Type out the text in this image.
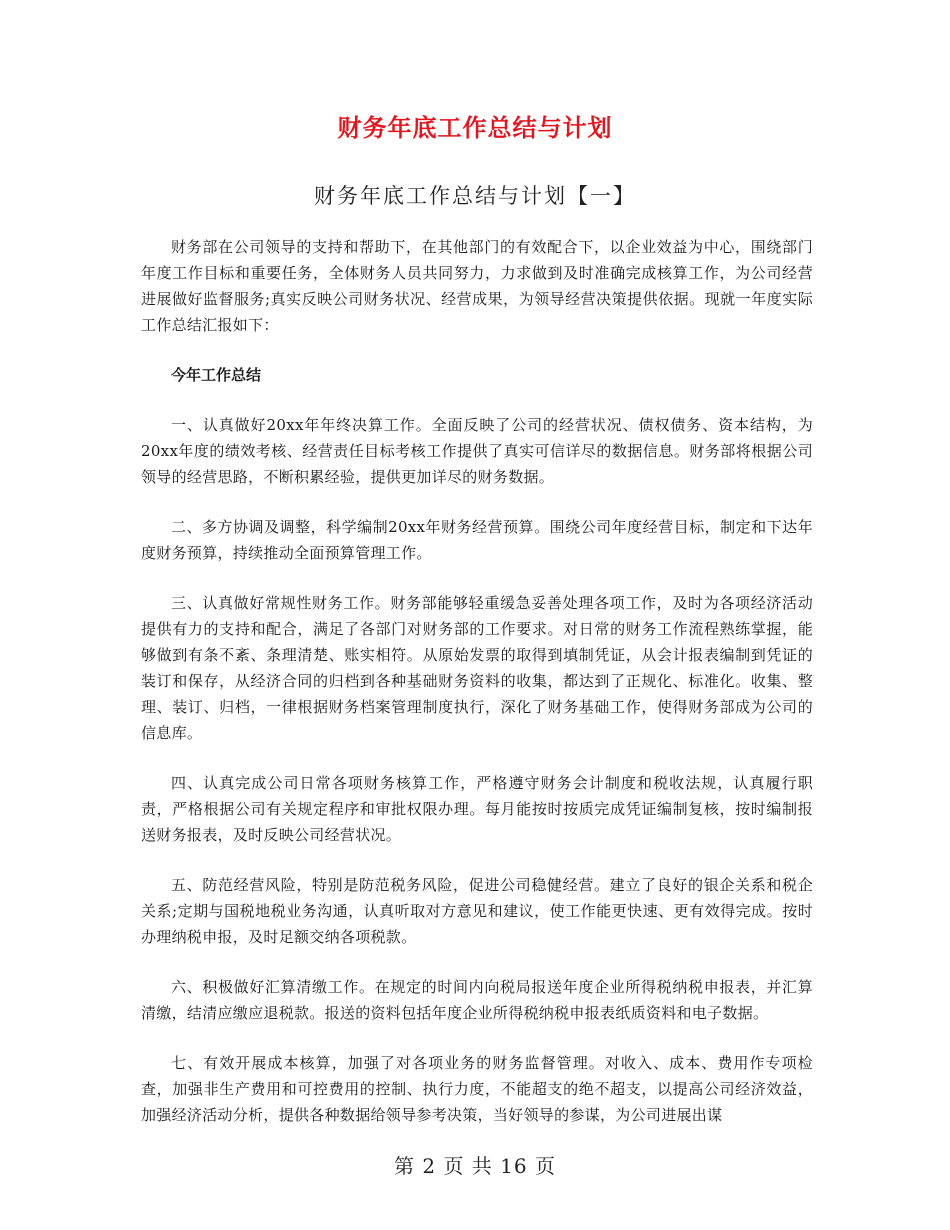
财务年底工作总结与计划
财务年底工作总结与计划【一】

财务部在公司领导的支持和帮助下，在其他部门的有效配合下，以企业效益为中心，围绕部门年度工作目标和重要任务，全体财务人员共同努力，力求做到及时准确完成核算工作，为公司经营进展做好监督服务;真实反映公司财务状况、经营成果，为领导经营决策提供依据。现就一年度实际工作总结汇报如下：

今年工作总结

一、认真做好20xx年年终决算工作。全面反映了公司的经营状况、债权债务、资本结构，为20xx年度的绩效考核、经营责任目标考核工作提供了真实可信详尽的数据信息。财务部将根据公司领导的经营思路，不断积累经验，提供更加详尽的财务数据。

二、多方协调及调整，科学编制20xx年财务经营预算。围绕公司年度经营目标，制定和下达年度财务预算，持续推动全面预算管理工作。

三、认真做好常规性财务工作。财务部能够轻重缓急妥善处理各项工作，及时为各项经济活动提供有力的支持和配合，满足了各部门对财务部的工作要求。对日常的财务工作流程熟练掌握，能够做到有条不紊、条理清楚、账实相符。从原始发票的取得到填制凭证，从会计报表编制到凭证的装订和保存，从经济合同的归档到各种基础财务资料的收集，都达到了正规化、标准化。收集、整理、装订、归档，一律根据财务档案管理制度执行，深化了财务基础工作，使得财务部成为公司的信息库。

四、认真完成公司日常各项财务核算工作，严格遵守财务会计制度和税收法规，认真履行职责，严格根据公司有关规定程序和审批权限办理。每月能按时按质完成凭证编制复核，按时编制报送财务报表，及时反映公司经营状况。

五、防范经营风险，特别是防范税务风险，促进公司稳健经营。建立了良好的银企关系和税企关系;定期与国税地税业务沟通，认真听取对方意见和建议，使工作能更快速、更有效得完成。按时办理纳税申报，及时足额交纳各项税款。

六、积极做好汇算清缴工作。在规定的时间内向税局报送年度企业所得税纳税申报表，并汇算清缴，结清应缴应退税款。报送的资料包括年度企业所得税纳税申报表纸质资料和电子数据。

七、有效开展成本核算，加强了对各项业务的财务监督管理。对收入、成本、费用作专项检查，加强非生产费用和可控费用的控制、执行力度，不能超支的绝不超支，以提高公司经济效益，加强经济活动分析，提供各种数据给领导参考决策，当好领导的参谋，为公司进展出谋

第 2 页 共 16 页
